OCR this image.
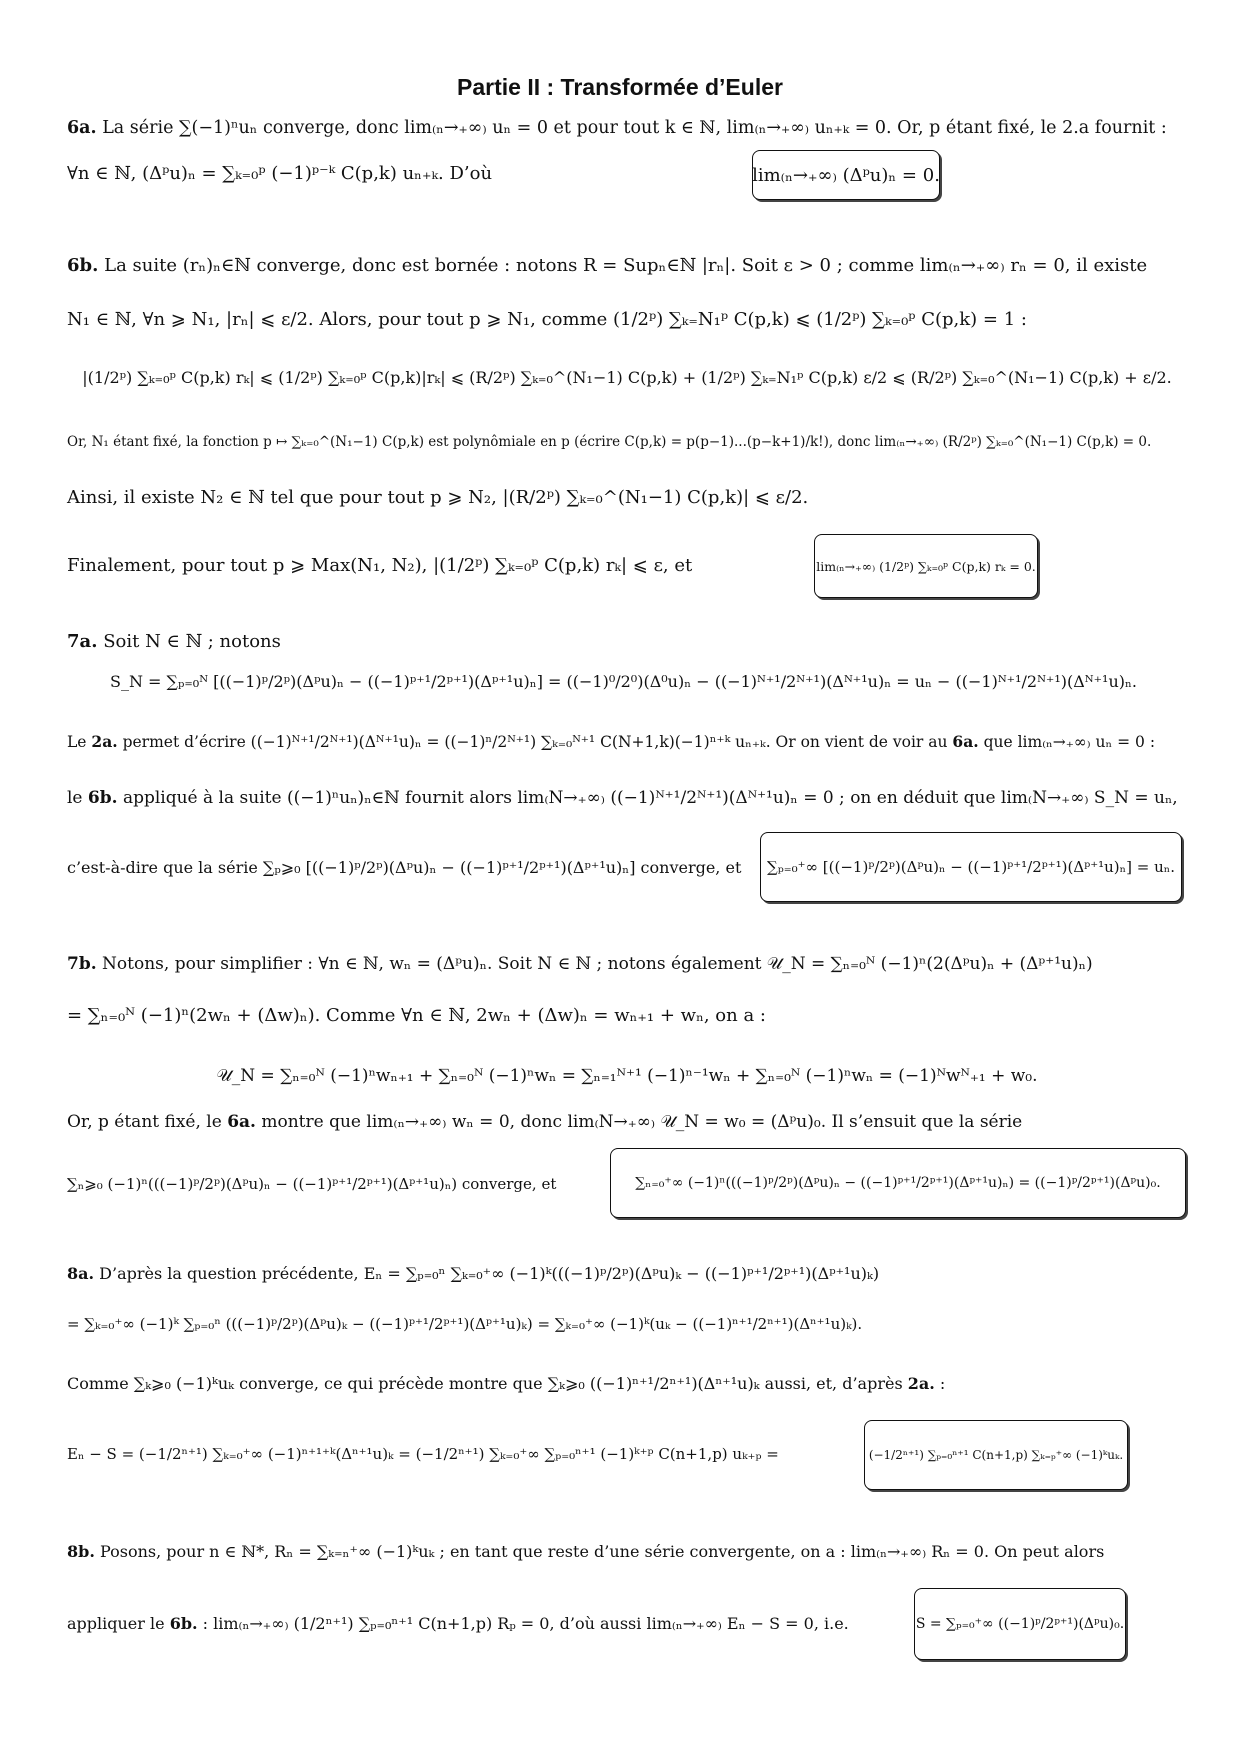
Partie II : Transformée d’Euler
6a. La série ∑(−1)ⁿuₙ converge, donc lim₍ₙ→₊∞₎ uₙ = 0 et pour tout k ∈ ℕ, lim₍ₙ→₊∞₎ uₙ₊ₖ = 0. Or, p étant fixé, le 2.a fournit :
∀n ∈ ℕ, (Δᵖu)ₙ = ∑ₖ₌₀ᵖ (−1)ᵖ⁻ᵏ C(p,k) uₙ₊ₖ. D’où	lim₍ₙ→₊∞₎ (Δᵖu)ₙ = 0.
6b. La suite (rₙ)ₙ∈ℕ converge, donc est bornée : notons R = Supₙ∈ℕ |rₙ|. Soit ε > 0 ; comme lim₍ₙ→₊∞₎ rₙ = 0, il existe
N₁ ∈ ℕ, ∀n ⩾ N₁, |rₙ| ⩽ ε/2. Alors, pour tout p ⩾ N₁, comme (1/2ᵖ) ∑ₖ₌N₁ᵖ C(p,k) ⩽ (1/2ᵖ) ∑ₖ₌₀ᵖ C(p,k) = 1 :
|(1/2ᵖ) ∑ₖ₌₀ᵖ C(p,k) rₖ| ⩽ (1/2ᵖ) ∑ₖ₌₀ᵖ C(p,k)|rₖ| ⩽ (R/2ᵖ) ∑ₖ₌₀^(N₁−1) C(p,k) + (1/2ᵖ) ∑ₖ₌N₁ᵖ C(p,k) ε/2 ⩽ (R/2ᵖ) ∑ₖ₌₀^(N₁−1) C(p,k) + ε/2.
Or, N₁ étant fixé, la fonction p ↦ ∑ₖ₌₀^(N₁−1) C(p,k) est polynômiale en p (écrire C(p,k) = p(p−1)...(p−k+1)/k!), donc lim₍ₙ→₊∞₎ (R/2ᵖ) ∑ₖ₌₀^(N₁−1) C(p,k) = 0.
Ainsi, il existe N₂ ∈ ℕ tel que pour tout p ⩾ N₂, |(R/2ᵖ) ∑ₖ₌₀^(N₁−1) C(p,k)| ⩽ ε/2.
Finalement, pour tout p ⩾ Max(N₁, N₂), |(1/2ᵖ) ∑ₖ₌₀ᵖ C(p,k) rₖ| ⩽ ε, et	lim₍ₙ→₊∞₎ (1/2ᵖ) ∑ₖ₌₀ᵖ C(p,k) rₖ = 0.
7a. Soit N ∈ ℕ ; notons
S_N = ∑ₚ₌₀ᴺ [((−1)ᵖ/2ᵖ)(Δᵖu)ₙ − ((−1)ᵖ⁺¹/2ᵖ⁺¹)(Δᵖ⁺¹u)ₙ] = ((−1)⁰/2⁰)(Δ⁰u)ₙ − ((−1)ᴺ⁺¹/2ᴺ⁺¹)(Δᴺ⁺¹u)ₙ = uₙ − ((−1)ᴺ⁺¹/2ᴺ⁺¹)(Δᴺ⁺¹u)ₙ.
Le 2a. permet d’écrire ((−1)ᴺ⁺¹/2ᴺ⁺¹)(Δᴺ⁺¹u)ₙ = ((−1)ⁿ/2ᴺ⁺¹) ∑ₖ₌₀ᴺ⁺¹ C(N+1,k)(−1)ⁿ⁺ᵏ uₙ₊ₖ. Or on vient de voir au 6a. que lim₍ₙ→₊∞₎ uₙ = 0 :
le 6b. appliqué à la suite ((−1)ⁿuₙ)ₙ∈ℕ fournit alors lim₍N→₊∞₎ ((−1)ᴺ⁺¹/2ᴺ⁺¹)(Δᴺ⁺¹u)ₙ = 0 ; on en déduit que lim₍N→₊∞₎ S_N = uₙ,
c’est-à-dire que la série ∑ₚ⩾₀ [((−1)ᵖ/2ᵖ)(Δᵖu)ₙ − ((−1)ᵖ⁺¹/2ᵖ⁺¹)(Δᵖ⁺¹u)ₙ] converge, et	∑ₚ₌₀⁺∞ [((−1)ᵖ/2ᵖ)(Δᵖu)ₙ − ((−1)ᵖ⁺¹/2ᵖ⁺¹)(Δᵖ⁺¹u)ₙ] = uₙ.
7b. Notons, pour simplifier : ∀n ∈ ℕ, wₙ = (Δᵖu)ₙ. Soit N ∈ ℕ ; notons également 𝒰_N = ∑ₙ₌₀ᴺ (−1)ⁿ(2(Δᵖu)ₙ + (Δᵖ⁺¹u)ₙ)
= ∑ₙ₌₀ᴺ (−1)ⁿ(2wₙ + (Δw)ₙ). Comme ∀n ∈ ℕ, 2wₙ + (Δw)ₙ = wₙ₊₁ + wₙ, on a :
𝒰_N = ∑ₙ₌₀ᴺ (−1)ⁿwₙ₊₁ + ∑ₙ₌₀ᴺ (−1)ⁿwₙ = ∑ₙ₌₁ᴺ⁺¹ (−1)ⁿ⁻¹wₙ + ∑ₙ₌₀ᴺ (−1)ⁿwₙ = (−1)ᴺwᴺ₊₁ + w₀.
Or, p étant fixé, le 6a. montre que lim₍ₙ→₊∞₎ wₙ = 0, donc lim₍N→₊∞₎ 𝒰_N = w₀ = (Δᵖu)₀. Il s’ensuit que la série
∑ₙ⩾₀ (−1)ⁿ(((−1)ᵖ/2ᵖ)(Δᵖu)ₙ − ((−1)ᵖ⁺¹/2ᵖ⁺¹)(Δᵖ⁺¹u)ₙ) converge, et	∑ₙ₌₀⁺∞ (−1)ⁿ(((−1)ᵖ/2ᵖ)(Δᵖu)ₙ − ((−1)ᵖ⁺¹/2ᵖ⁺¹)(Δᵖ⁺¹u)ₙ) = ((−1)ᵖ/2ᵖ⁺¹)(Δᵖu)₀.
8a. D’après la question précédente, Eₙ = ∑ₚ₌₀ⁿ ∑ₖ₌₀⁺∞ (−1)ᵏ(((−1)ᵖ/2ᵖ)(Δᵖu)ₖ − ((−1)ᵖ⁺¹/2ᵖ⁺¹)(Δᵖ⁺¹u)ₖ)
= ∑ₖ₌₀⁺∞ (−1)ᵏ ∑ₚ₌₀ⁿ (((−1)ᵖ/2ᵖ)(Δᵖu)ₖ − ((−1)ᵖ⁺¹/2ᵖ⁺¹)(Δᵖ⁺¹u)ₖ) = ∑ₖ₌₀⁺∞ (−1)ᵏ(uₖ − ((−1)ⁿ⁺¹/2ⁿ⁺¹)(Δⁿ⁺¹u)ₖ).
Comme ∑ₖ⩾₀ (−1)ᵏuₖ converge, ce qui précède montre que ∑ₖ⩾₀ ((−1)ⁿ⁺¹/2ⁿ⁺¹)(Δⁿ⁺¹u)ₖ aussi, et, d’après 2a. :
Eₙ − S = (−1/2ⁿ⁺¹) ∑ₖ₌₀⁺∞ (−1)ⁿ⁺¹⁺ᵏ(Δⁿ⁺¹u)ₖ = (−1/2ⁿ⁺¹) ∑ₖ₌₀⁺∞ ∑ₚ₌₀ⁿ⁺¹ (−1)ᵏ⁺ᵖ C(n+1,p) uₖ₊ₚ =	(−1/2ⁿ⁺¹) ∑ₚ₌₀ⁿ⁺¹ C(n+1,p) ∑ₖ₌ₚ⁺∞ (−1)ᵏuₖ.
8b. Posons, pour n ∈ ℕ*, Rₙ = ∑ₖ₌ₙ⁺∞ (−1)ᵏuₖ ; en tant que reste d’une série convergente, on a : lim₍ₙ→₊∞₎ Rₙ = 0. On peut alors
appliquer le 6b. : lim₍ₙ→₊∞₎ (1/2ⁿ⁺¹) ∑ₚ₌₀ⁿ⁺¹ C(n+1,p) Rₚ = 0, d’où aussi lim₍ₙ→₊∞₎ Eₙ − S = 0, i.e.	S = ∑ₚ₌₀⁺∞ ((−1)ᵖ/2ᵖ⁺¹)(Δᵖu)₀.
